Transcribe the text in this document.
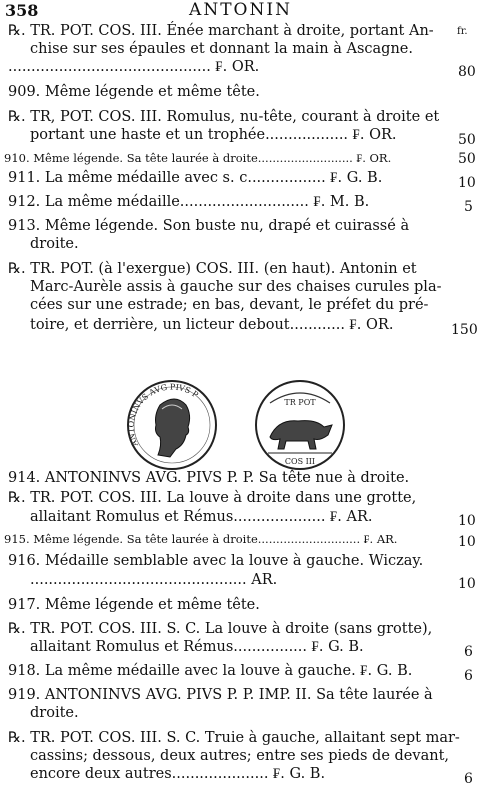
358	ANTONIN
fr.
℞. TR. POT. COS. III. Énée marchant à droite, portant An-
chise sur ses épaules et donnant la main à Ascagne.
............................................ ₣. OR.
909. Même légende et même tête.
℞. TR, POT. COS. III. Romulus, nu-tête, courant à droite et
portant une haste et un trophée.................. ₣. OR.
910. Même légende. Sa tête laurée à droite.......................... ₣. OR.
911. La même médaille avec s. c................. ₣. G. B.
912. La même médaille............................ ₣. M. B.
913. Même légende. Son buste nu, drapé et cuirassé à
droite.
℞. TR. POT. (à l'exergue) COS. III. (en haut). Antonin et
Marc-Aurèle assis à gauche sur des chaises curules pla-
cées sur une estrade; en bas, devant, le préfet du pré-
toire, et derrière, un licteur debout............ ₣. OR.
914. ANTONINVS AVG. PIVS P. P. Sa tête nue à droite.
℞. TR. POT. COS. III. La louve à droite dans une grotte,
allaitant Romulus et Rémus.................... ₣. AR.
915. Même légende. Sa tête laurée à droite............................ ₣. AR.
916. Médaille semblable avec la louve à gauche. Wiczay.
............................................... AR.
917. Même légende et même tête.
℞. TR. POT. COS. III. S. C. La louve à droite (sans grotte),
allaitant Romulus et Rémus................ ₣. G. B.
918. La même médaille avec la louve à gauche. ₣. G. B.
919. ANTONINVS AVG. PIVS P. P. IMP. II. Sa tête laurée à
droite.
℞. TR. POT. COS. III. S. C. Truie à gauche, allaitant sept mar-
cassins; dessous, deux autres; entre ses pieds de devant,
encore deux autres..................... ₣. G. B.
80
50
50
10
5
150
10
10
10
6
6
6
ANTONINVS AVG PIVS P
TR POT
COS III
